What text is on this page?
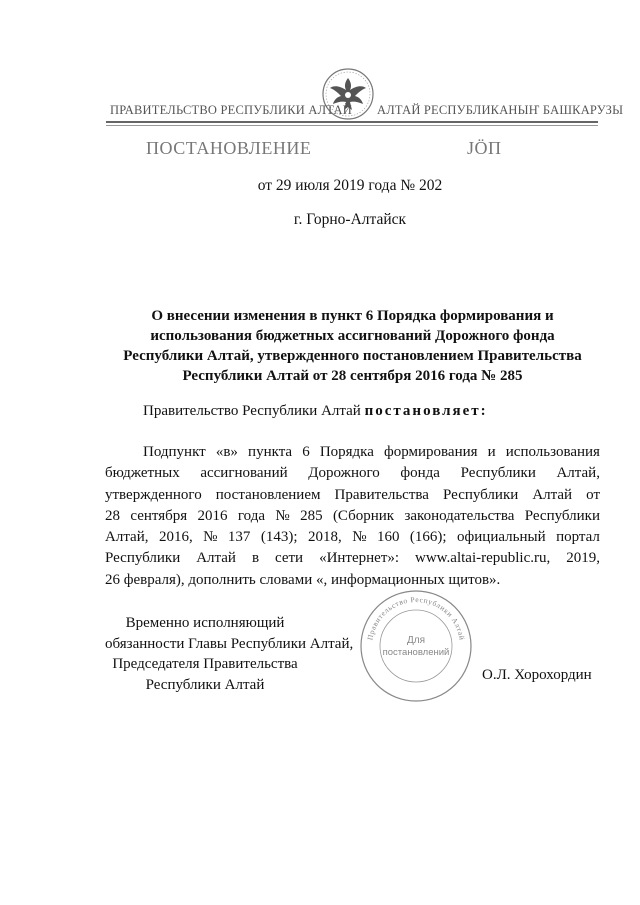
ПРАВИТЕЛЬСТВО РЕСПУБЛИКИ АЛТАЙ АЛТАЙ РЕСПУБЛИКАНЫҤ БАШКАРУЗЫ
ПОСТАНОВЛЕНИЕ	ЈӦП
от 29 июля 2019 года № 202
г. Горно-Алтайск
О внесении изменения в пункт 6 Порядка формирования и
использования бюджетных ассигнований Дорожного фонда
Республики Алтай, утвержденного постановлением Правительства
Республики Алтай от 28 сентября 2016 года № 285
Правительство Республики Алтай постановляет:
Подпункт «в» пункта 6 Порядка формирования и использования
бюджетных ассигнований Дорожного фонда Республики Алтай,
утвержденного постановлением Правительства Республики Алтай от
28 сентября 2016 года № 285 (Сборник законодательства Республики
Алтай, 2016, № 137 (143); 2018, № 160 (166); официальный портал
Республики Алтай в сети «Интернет»: www.altai-republic.ru, 2019,
26 февраля), дополнить словами «, информационных щитов».
Временно исполняющий
обязанности Главы Республики Алтай,
Председателя Правительства
Республики Алтай
О.Л. Хорохордин
Правительство Республики Алтай
Для
постановлений
